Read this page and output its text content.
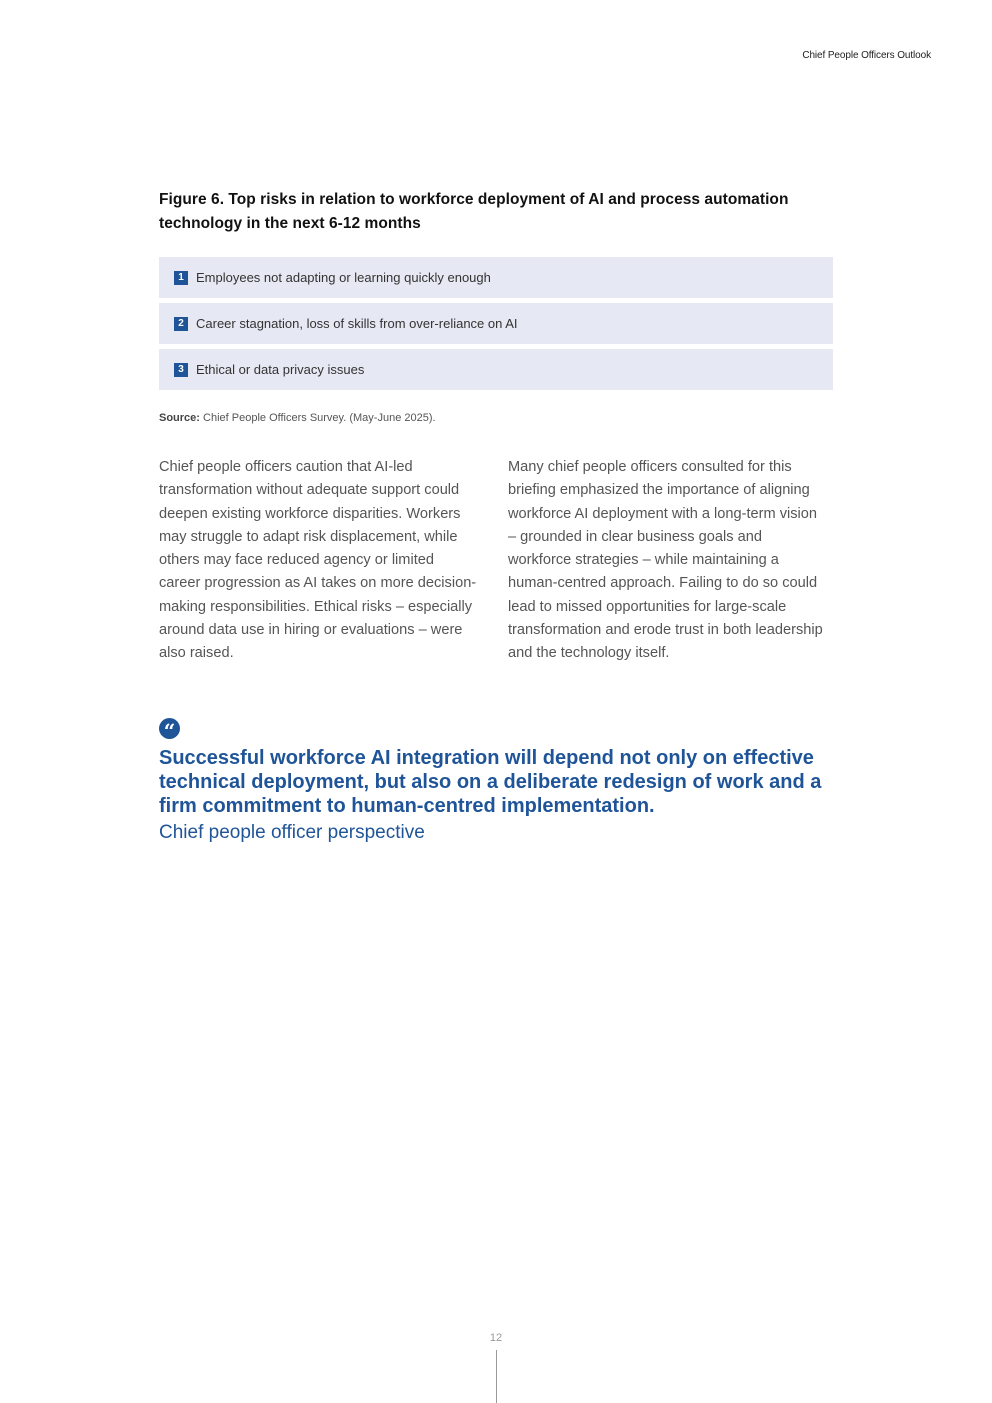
Chief People Officers Outlook
Figure 6. Top risks in relation to workforce deployment of AI and process automation technology in the next 6-12 months
1 Employees not adapting or learning quickly enough
2 Career stagnation, loss of skills from over-reliance on AI
3 Ethical or data privacy issues
Source: Chief People Officers Survey. (May-June 2025).
Chief people officers caution that AI-led transformation without adequate support could deepen existing workforce disparities. Workers may struggle to adapt risk displacement, while others may face reduced agency or limited career progression as AI takes on more decision-making responsibilities. Ethical risks – especially around data use in hiring or evaluations – were also raised.
Many chief people officers consulted for this briefing emphasized the importance of aligning workforce AI deployment with a long-term vision – grounded in clear business goals and workforce strategies – while maintaining a human-centred approach. Failing to do so could lead to missed opportunities for large-scale transformation and erode trust in both leadership and the technology itself.
“
Successful workforce AI integration will depend not only on effective technical deployment, but also on a deliberate redesign of work and a firm commitment to human-centred implementation.
Chief people officer perspective
12
